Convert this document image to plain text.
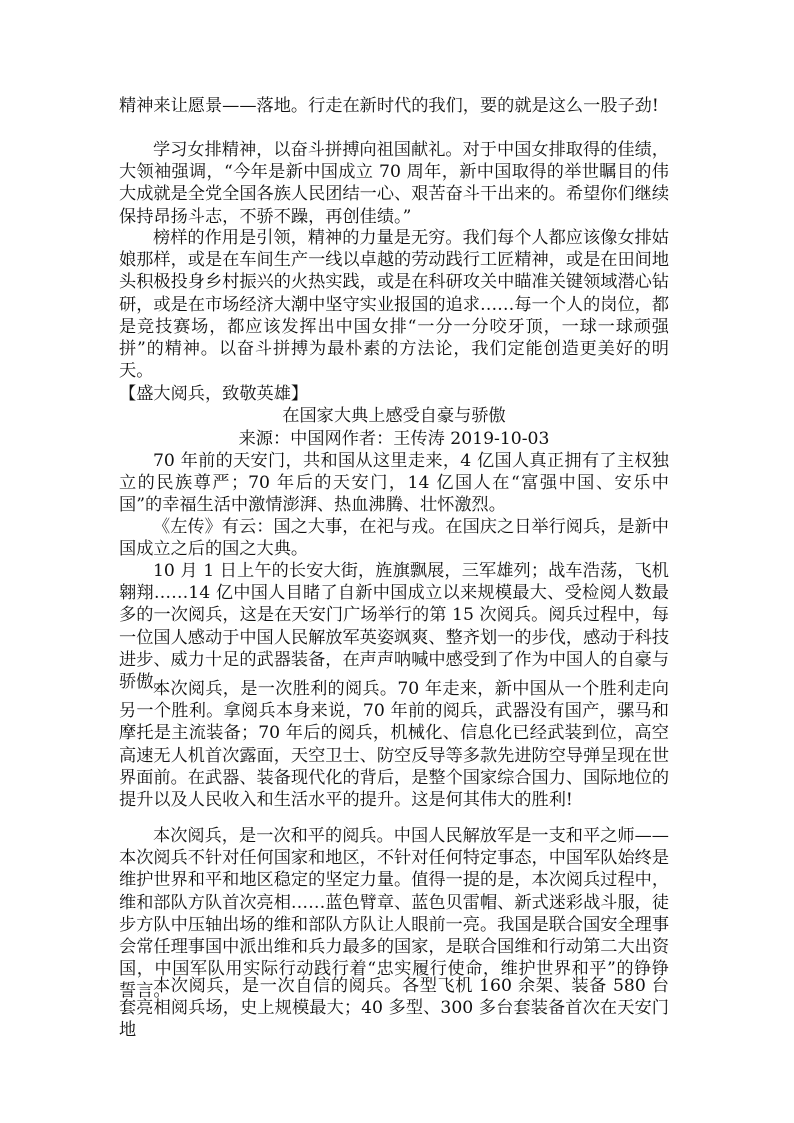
精神来让愿景——落地。行走在新时代的我们，要的就是这么一股子劲!

学习女排精神，以奋斗拼搏向祖国献礼。对于中国女排取得的佳绩，大领袖强调，“今年是新中国成立 70 周年，新中国取得的举世瞩目的伟大成就是全党全国各族人民团结一心、艰苦奋斗干出来的。希望你们继续保持昂扬斗志，不骄不躁，再创佳绩。”

榜样的作用是引领，精神的力量是无穷。我们每个人都应该像女排姑娘那样，或是在车间生产一线以卓越的劳动践行工匠精神，或是在田间地头积极投身乡村振兴的火热实践，或是在科研攻关中瞄准关键领域潜心钻研，或是在市场经济大潮中坚守实业报国的追求……每一个人的岗位，都是竞技赛场，都应该发挥出中国女排“一分一分咬牙顶，一球一球顽强拼”的精神。以奋斗拼搏为最朴素的方法论，我们定能创造更美好的明天。

【盛大阅兵，致敬英雄】

在国家大典上感受自豪与骄傲

来源：中国网作者：王传涛 2019-10-03

70 年前的天安门，共和国从这里走来，4 亿国人真正拥有了主权独立的民族尊严；70 年后的天安门，14 亿国人在“富强中国、安乐中国”的幸福生活中激情澎湃、热血沸腾、壮怀激烈。

《左传》有云：国之大事，在祀与戎。在国庆之日举行阅兵，是新中国成立之后的国之大典。

10 月 1 日上午的长安大街，旌旗飘展，三军雄列；战车浩荡，飞机翱翔……14 亿中国人目睹了自新中国成立以来规模最大、受检阅人数最多的一次阅兵，这是在天安门广场举行的第 15 次阅兵。阅兵过程中，每一位国人感动于中国人民解放军英姿飒爽、整齐划一的步伐，感动于科技进步、威力十足的武器装备，在声声呐喊中感受到了作为中国人的自豪与骄傲。

本次阅兵，是一次胜利的阅兵。70 年走来，新中国从一个胜利走向另一个胜利。拿阅兵本身来说，70 年前的阅兵，武器没有国产，骡马和摩托是主流装备；70 年后的阅兵，机械化、信息化已经武装到位，高空高速无人机首次露面，天空卫士、防空反导等多款先进防空导弹呈现在世界面前。在武器、装备现代化的背后，是整个国家综合国力、国际地位的提升以及人民收入和生活水平的提升。这是何其伟大的胜利!

本次阅兵，是一次和平的阅兵。中国人民解放军是一支和平之师——本次阅兵不针对任何国家和地区，不针对任何特定事态，中国军队始终是维护世界和平和地区稳定的坚定力量。值得一提的是，本次阅兵过程中，维和部队方队首次亮相……蓝色臂章、蓝色贝雷帽、新式迷彩战斗服，徒步方队中压轴出场的维和部队方队让人眼前一亮。我国是联合国安全理事会常任理事国中派出维和兵力最多的国家，是联合国维和行动第二大出资国，中国军队用实际行动践行着“忠实履行使命，维护世界和平”的铮铮誓言。

本次阅兵，是一次自信的阅兵。各型飞机 160 余架、装备 580 台套亮相阅兵场，史上规模最大；40 多型、300 多台套装备首次在天安门地
